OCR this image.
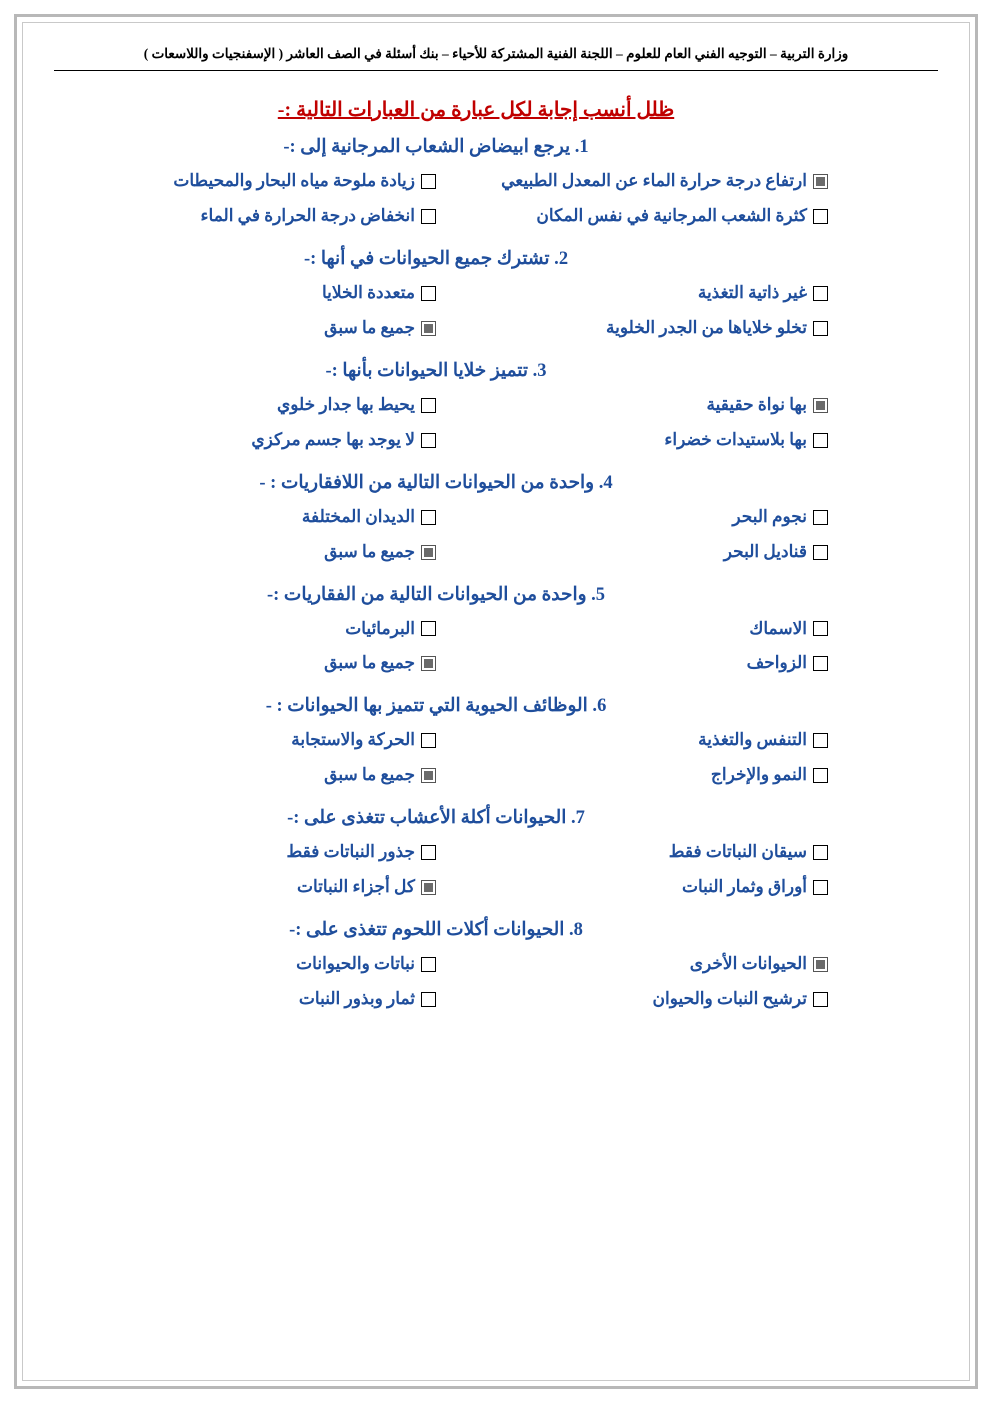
وزارة التربية – التوجيه الفني العام للعلوم – اللجنة الفنية المشتركة للأحياء – بنك أسئلة في الصف العاشر ( الإسفنجيات واللاسعات )
ظلل أنسب إجابة لكل عبارة من العبارات التالية :-
1. يرجع ابيضاض الشعاب المرجانية إلى :-
ارتفاع درجة حرارة الماء عن المعدل الطبيعي
كثرة الشعب المرجانية في نفس المكان
زيادة ملوحة مياه البحار والمحيطات
انخفاض درجة الحرارة في الماء
2. تشترك جميع الحيوانات في أنها :-
غير ذاتية التغذية
تخلو خلاياها من الجدر الخلوية
متعددة الخلايا
جميع ما سبق
3. تتميز خلايا الحيوانات بأنها :-
بها نواة حقيقية
بها بلاستيدات خضراء
يحيط بها جدار خلوي
لا يوجد بها جسم مركزي
4. واحدة من الحيوانات التالية من اللافقاريات : -
نجوم البحر
قناديل البحر
الديدان المختلفة
جميع ما سبق
5. واحدة من الحيوانات التالية من الفقاريات :-
الاسماك
الزواحف
البرمائيات
جميع ما سبق
6. الوظائف الحيوية التي تتميز بها الحيوانات : -
التنفس والتغذية
النمو والإخراج
الحركة والاستجابة
جميع ما سبق
7. الحيوانات أكلة الأعشاب تتغذى على :-
سيقان النباتات فقط
أوراق وثمار النبات
جذور النباتات فقط
كل أجزاء النباتات
8. الحيوانات أكلات اللحوم تتغذى على :-
الحيوانات الأخرى
ترشيح النبات والحيوان
نباتات والحيوانات
ثمار وبذور النبات
